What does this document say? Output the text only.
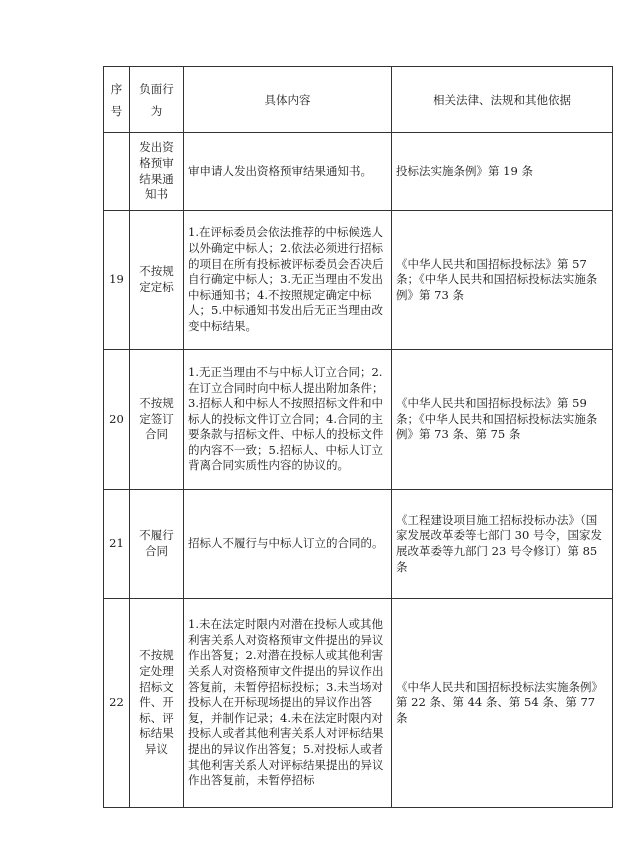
序号	负面行为	具体内容	相关法律、法规和其他依据

	发出资格预审结果通知书	审申请人发出资格预审结果通知书。	投标法实施条例》第 19 条
19	不按规定定标	1.在评标委员会依法推荐的中标候选人以外确定中标人；2.依法必须进行招标的项目在所有投标被评标委员会否决后自行确定中标人；3.无正当理由不发出中标通知书；4.不按照规定确定中标人；5.中标通知书发出后无正当理由改变中标结果。	《中华人民共和国招标投标法》第 57 条；《中华人民共和国招标投标法实施条例》第 73 条
20	不按规定签订合同	1.无正当理由不与中标人订立合同；2.在订立合同时向中标人提出附加条件；3.招标人和中标人不按照招标文件和中标人的投标文件订立合同；4.合同的主要条款与招标文件、中标人的投标文件的内容不一致；5.招标人、中标人订立背离合同实质性内容的协议的。	《中华人民共和国招标投标法》第 59 条；《中华人民共和国招标投标法实施条例》第 73 条、第 75 条
21	不履行合同	招标人不履行与中标人订立的合同的。	《工程建设项目施工招标投标办法》（国家发展改革委等七部门 30 号令，国家发展改革委等九部门 23 号令修订）第 85 条
22	不按规定处理招标文件、开标、评标结果异议	1.未在法定时限内对潜在投标人或其他利害关系人对资格预审文件提出的异议作出答复；2.对潜在投标人或其他利害关系人对资格预审文件提出的异议作出答复前，未暂停招标投标；3.未当场对投标人在开标现场提出的异议作出答复，并制作记录；4.未在法定时限内对投标人或者其他利害关系人对评标结果提出的异议作出答复；5.对投标人或者其他利害关系人对评标结果提出的异议作出答复前，未暂停招标	《中华人民共和国招标投标法实施条例》第 22 条、第 44 条、第 54 条、第 77 条
